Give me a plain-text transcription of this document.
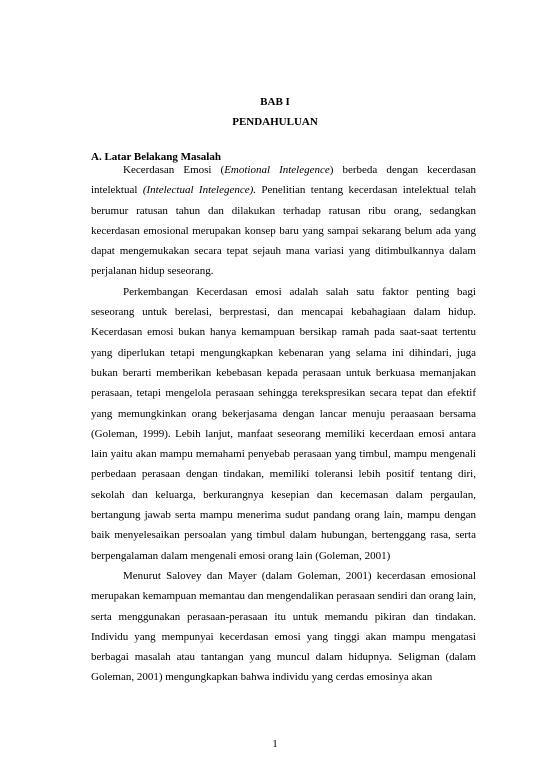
BAB I
PENDAHULUAN
A. Latar Belakang Masalah

Kecerdasan Emosi (Emotional Intelegence) berbeda dengan kecerdasan intelektual (Intelectual Intelegence). Penelitian tentang kecerdasan intelektual telah berumur ratusan tahun dan dilakukan terhadap ratusan ribu orang, sedangkan kecerdasan emosional merupakan konsep baru yang sampai sekarang belum ada yang dapat mengemukakan secara tepat sejauh mana variasi yang ditimbulkannya dalam perjalanan hidup seseorang.

Perkembangan Kecerdasan emosi adalah salah satu faktor penting bagi seseorang untuk berelasi, berprestasi, dan mencapai kebahagiaan dalam hidup. Kecerdasan emosi bukan hanya kemampuan bersikap ramah pada saat-saat tertentu yang diperlukan tetapi mengungkapkan kebenaran yang selama ini dihindari, juga bukan berarti memberikan kebebasan kepada perasaan untuk berkuasa memanjakan perasaan, tetapi mengelola perasaan sehingga terekspresikan secara tepat dan efektif yang memungkinkan orang bekerjasama dengan lancar menuju peraasaan bersama (Goleman, 1999). Lebih lanjut, manfaat seseorang memiliki kecerdaan emosi antara lain yaitu akan mampu memahami penyebab perasaan yang timbul, mampu mengenali perbedaan perasaan dengan tindakan, memiliki toleransi lebih positif tentang diri, sekolah dan keluarga, berkurangnya kesepian dan kecemasan dalam pergaulan, bertangung jawab serta mampu menerima sudut pandang orang lain, mampu dengan baik menyelesaikan persoalan yang timbul dalam hubungan, bertenggang rasa, serta berpengalaman dalam mengenali emosi orang lain (Goleman, 2001)

Menurut Salovey dan Mayer (dalam Goleman, 2001) kecerdasan emosional merupakan kemampuan memantau dan mengendalikan perasaan sendiri dan orang lain, serta menggunakan perasaan-perasaan itu untuk memandu pikiran dan tindakan. Individu yang mempunyai kecerdasan emosi yang tinggi akan mampu mengatasi berbagai masalah atau tantangan yang muncul dalam hidupnya. Seligman (dalam Goleman, 2001) mengungkapkan bahwa individu yang cerdas emosinya akan

1
